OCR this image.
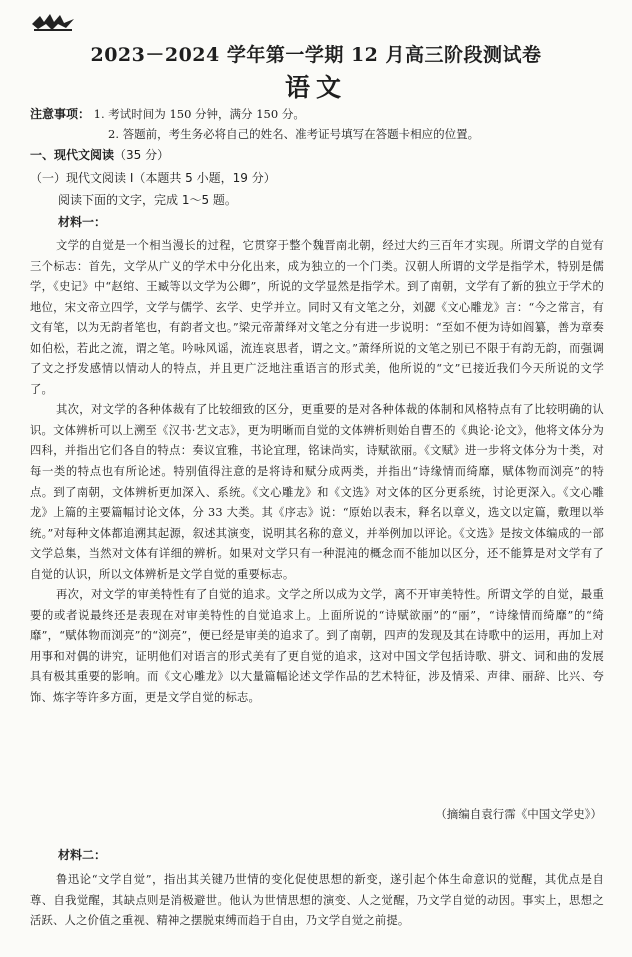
2023－2024 学年第一学期 12 月高三阶段测试卷
语文
注意事项： 1. 考试时间为 150 分钟，满分 150 分。
2. 答题前，考生务必将自己的姓名、准考证号填写在答题卡相应的位置。
一、现代文阅读（35 分）
（一）现代文阅读 Ⅰ（本题共 5 小题，19 分）
阅读下面的文字，完成 1～5 题。
材料一：

文学的自觉是一个相当漫长的过程，它贯穿于整个魏晋南北朝，经过大约三百年才实现。所谓文学的自觉有三个标志：首先，文学从广义的学术中分化出来，成为独立的一个门类。汉朝人所谓的文学是指学术，特别是儒学，《史记》中“赵绾、王臧等以文学为公卿”，所说的文学显然是指学术。到了南朝，文学有了新的独立于学术的地位，宋文帝立四学，文学与儒学、玄学、史学并立。同时又有文笔之分，刘勰《文心雕龙》言：“今之常言，有文有笔，以为无韵者笔也，有韵者文也。”梁元帝萧绎对文笔之分有进一步说明：“至如不便为诗如阎纂，善为章奏如伯松，若此之流，谓之笔。吟咏风谣，流连哀思者，谓之文。”萧绎所说的文笔之别已不限于有韵无韵，而强调了文之抒发感情以情动人的特点，并且更广泛地注重语言的形式美，他所说的“文”已接近我们今天所说的文学了。

其次，对文学的各种体裁有了比较细致的区分，更重要的是对各种体裁的体制和风格特点有了比较明确的认识。文体辨析可以上溯至《汉书·艺文志》，更为明晰而自觉的文体辨析则始自曹丕的《典论·论文》，他将文体分为四科，并指出它们各自的特点：奏议宜雅，书论宜理，铭诔尚实，诗赋欲丽。《文赋》进一步将文体分为十类，对每一类的特点也有所论述。特别值得注意的是将诗和赋分成两类，并指出“诗缘情而绮靡，赋体物而浏亮”的特点。到了南朝，文体辨析更加深入、系统。《文心雕龙》和《文选》对文体的区分更系统，讨论更深入。《文心雕龙》上篇的主要篇幅讨论文体，分 33 大类。其《序志》说：“原始以表末，释名以章义，选文以定篇，敷理以举统。”对每种文体都追溯其起源，叙述其演变，说明其名称的意义，并举例加以评论。《文选》是按文体编成的一部文学总集，当然对文体有详细的辨析。如果对文学只有一种混沌的概念而不能加以区分，还不能算是对文学有了自觉的认识，所以文体辨析是文学自觉的重要标志。

再次，对文学的审美特性有了自觉的追求。文学之所以成为文学，离不开审美特性。所谓文学的自觉，最重要的或者说最终还是表现在对审美特性的自觉追求上。上面所说的“诗赋欲丽”的“丽”，“诗缘情而绮靡”的“绮靡”，“赋体物而浏亮”的“浏亮”，便已经是审美的追求了。到了南朝，四声的发现及其在诗歌中的运用，再加上对用事和对偶的讲究，证明他们对语言的形式美有了更自觉的追求，这对中国文学包括诗歌、骈文、词和曲的发展具有极其重要的影响。而《文心雕龙》以大量篇幅论述文学作品的艺术特征，涉及情采、声律、丽辞、比兴、夸饰、炼字等许多方面，更是文学自觉的标志。

（摘编自袁行霈《中国文学史》）
材料二：

鲁迅论“文学自觉”，指出其关键乃世情的变化促使思想的新变，遂引起个体生命意识的觉醒，其优点是自尊、自我觉醒，其缺点则是消极避世。他认为世情思想的演变、人之觉醒，乃文学自觉的动因。事实上，思想之活跃、人之价值之重视、精神之摆脱束缚而趋于自由，乃文学自觉之前提。
